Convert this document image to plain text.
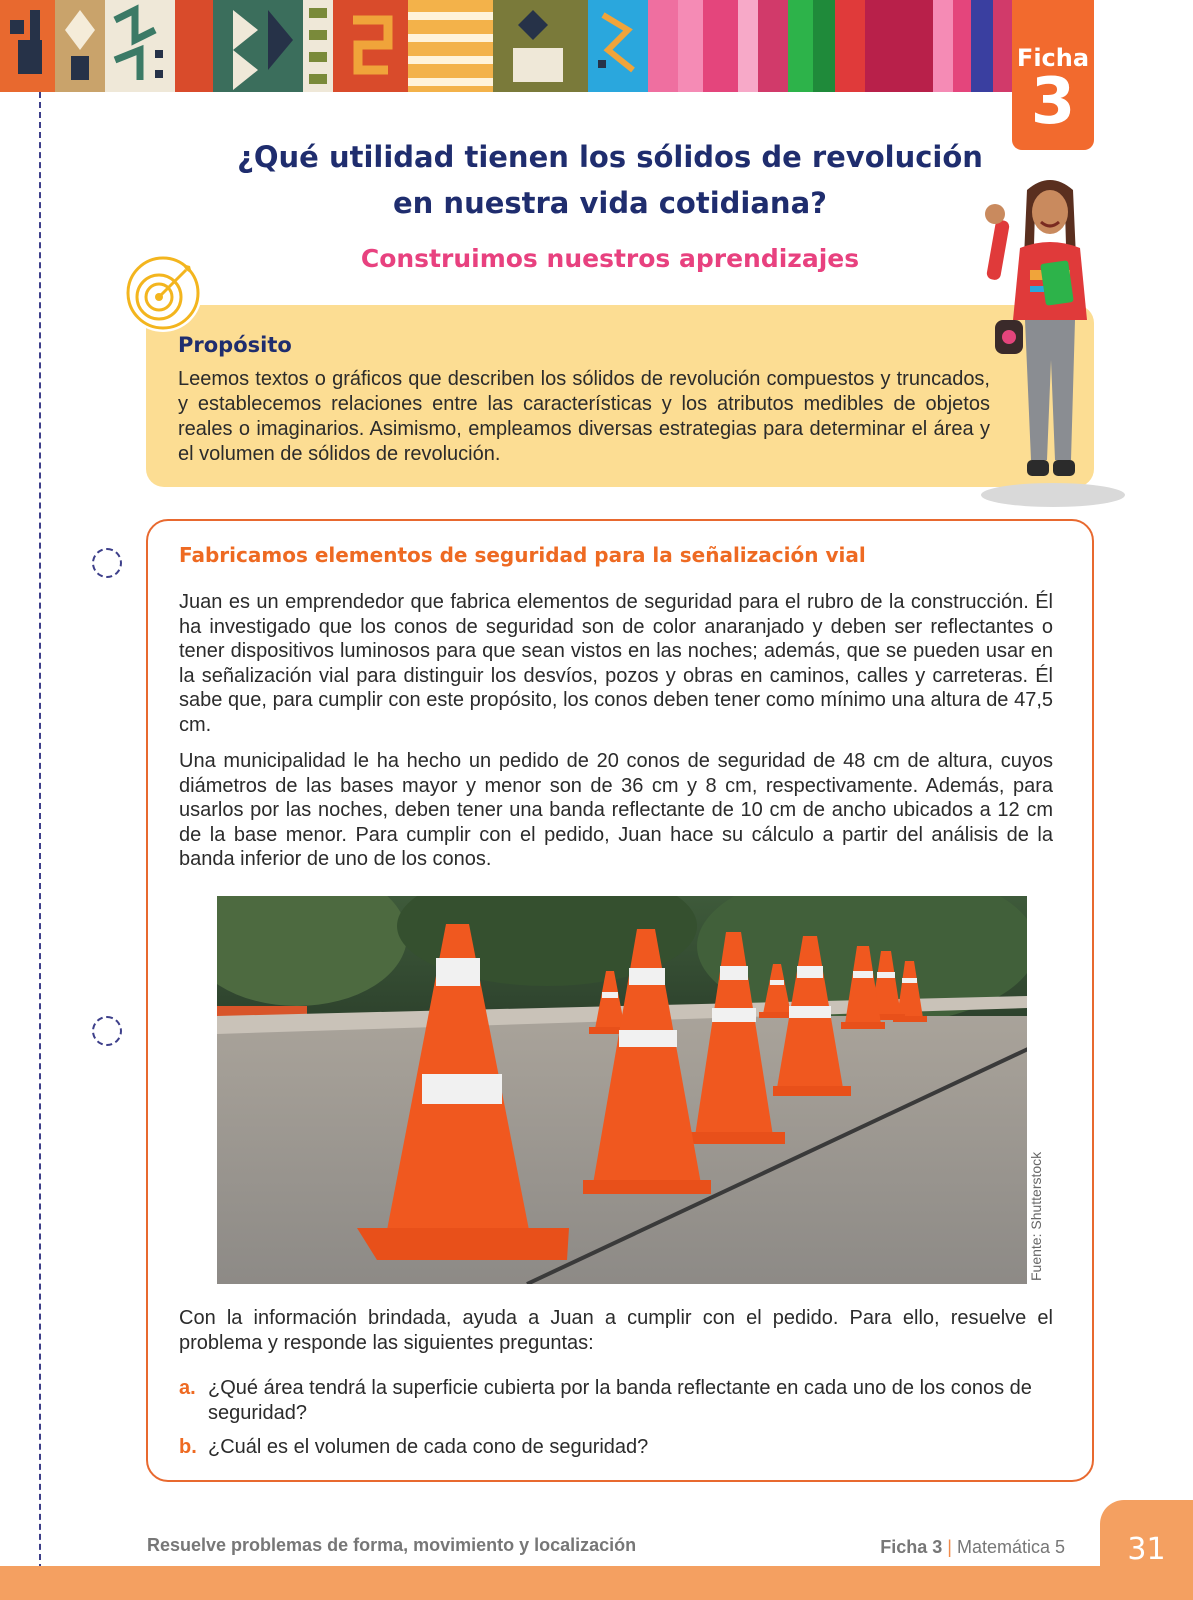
Ficha
3
¿Qué utilidad tienen los sólidos de revolución
en nuestra vida cotidiana?
Construimos nuestros aprendizajes
Propósito

Leemos textos o gráficos que describen los sólidos de revolución compuestos y truncados, y establecemos relaciones entre las características y los atributos medibles de objetos reales o imaginarios. Asimismo, empleamos diversas estrategias para determinar el área y el volumen de sólidos de revolución.

Fabricamos elementos de seguridad para la señalización vial
Juan es un emprendedor que fabrica elementos de seguridad para el rubro de la construcción. Él ha investigado que los conos de seguridad son de color anaranjado y deben ser reflectantes o tener dispositivos luminosos para que sean vistos en las noches; además, que se pueden usar en la señalización vial para distinguir los desvíos, pozos y obras en caminos, calles y carreteras. Él sabe que, para cumplir con este propósito, los conos deben tener como mínimo una altura de 47,5 cm.
Una municipalidad le ha hecho un pedido de 20 conos de seguridad de 48 cm de altura, cuyos diámetros de las bases mayor y menor son de 36 cm y 8 cm, respectivamente. Además, para usarlos por las noches, deben tener una banda reflectante de 10 cm de ancho ubicados a 12 cm de la base menor. Para cumplir con el pedido, Juan hace su cálculo a partir del análisis de la banda inferior de uno de los conos.
Fuente: Shutterstock
Con la información brindada, ayuda a Juan a cumplir con el pedido. Para ello, resuelve el problema y responde las siguientes preguntas:
a. ¿Qué área tendrá la superficie cubierta por la banda reflectante en cada uno de los conos de seguridad?
b. ¿Cuál es el volumen de cada cono de seguridad?
Resuelve problemas de forma, movimiento y localización	Ficha 3 | Matemática 5	31
